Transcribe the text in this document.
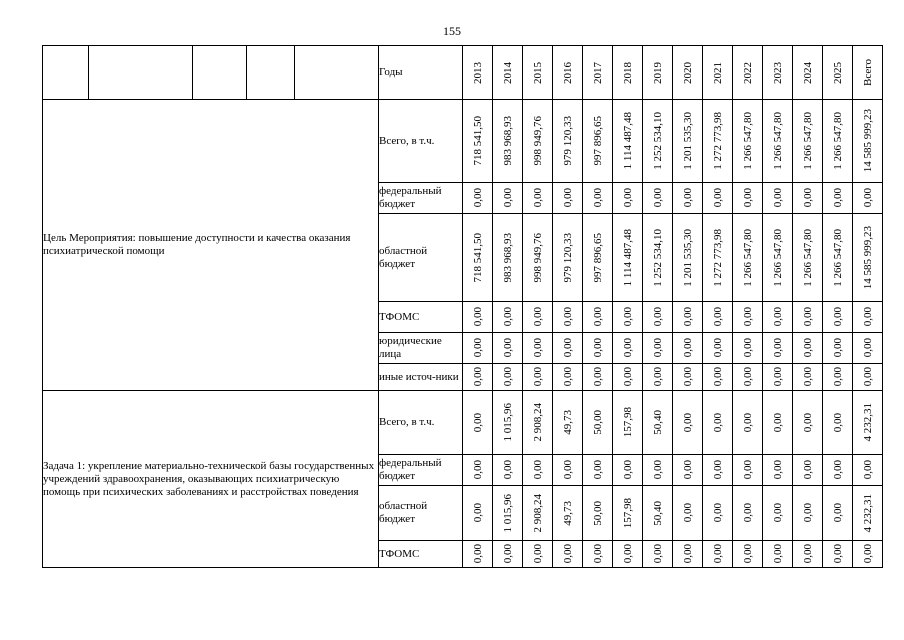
155
					Годы	2013	2014	2015	2016	2017	2018	2019	2020	2021	2022	2023	2024	2025	Всего

Цель Мероприятия: повышение доступности и качества оказания психиатрической помощи					Всего, в т.ч.	718 541,50	983 968,93	998 949,76	979 120,33	997 896,65	1 114 487,48	1 252 534,10	1 201 535,30	1 272 773,98	1 266 547,80	1 266 547,80	1 266 547,80	1 266 547,80	14 585 999,23

					федеральный бюджет	0,00	0,00	0,00	0,00	0,00	0,00	0,00	0,00	0,00	0,00	0,00	0,00	0,00	0,00

					областной бюджет	718 541,50	983 968,93	998 949,76	979 120,33	997 896,65	1 114 487,48	1 252 534,10	1 201 535,30	1 272 773,98	1 266 547,80	1 266 547,80	1 266 547,80	1 266 547,80	14 585 999,23

					ТФОМС	0,00	0,00	0,00	0,00	0,00	0,00	0,00	0,00	0,00	0,00	0,00	0,00	0,00	0,00

					юридические лица	0,00	0,00	0,00	0,00	0,00	0,00	0,00	0,00	0,00	0,00	0,00	0,00	0,00	0,00

					иные источ-ники	0,00	0,00	0,00	0,00	0,00	0,00	0,00	0,00	0,00	0,00	0,00	0,00	0,00	0,00

Задача 1: укрепление материально-технической базы государственных учреждений здравоохранения, оказывающих психиатрическую помощь при психических заболеваниях и расстройствах поведения					Всего, в т.ч.	0,00	1 015,96	2 908,24	49,73	50,00	157,98	50,40	0,00	0,00	0,00	0,00	0,00	0,00	4 232,31

					федеральный бюджет	0,00	0,00	0,00	0,00	0,00	0,00	0,00	0,00	0,00	0,00	0,00	0,00	0,00	0,00

					областной бюджет	0,00	1 015,96	2 908,24	49,73	50,00	157,98	50,40	0,00	0,00	0,00	0,00	0,00	0,00	4 232,31

					ТФОМС	0,00	0,00	0,00	0,00	0,00	0,00	0,00	0,00	0,00	0,00	0,00	0,00	0,00	0,00
